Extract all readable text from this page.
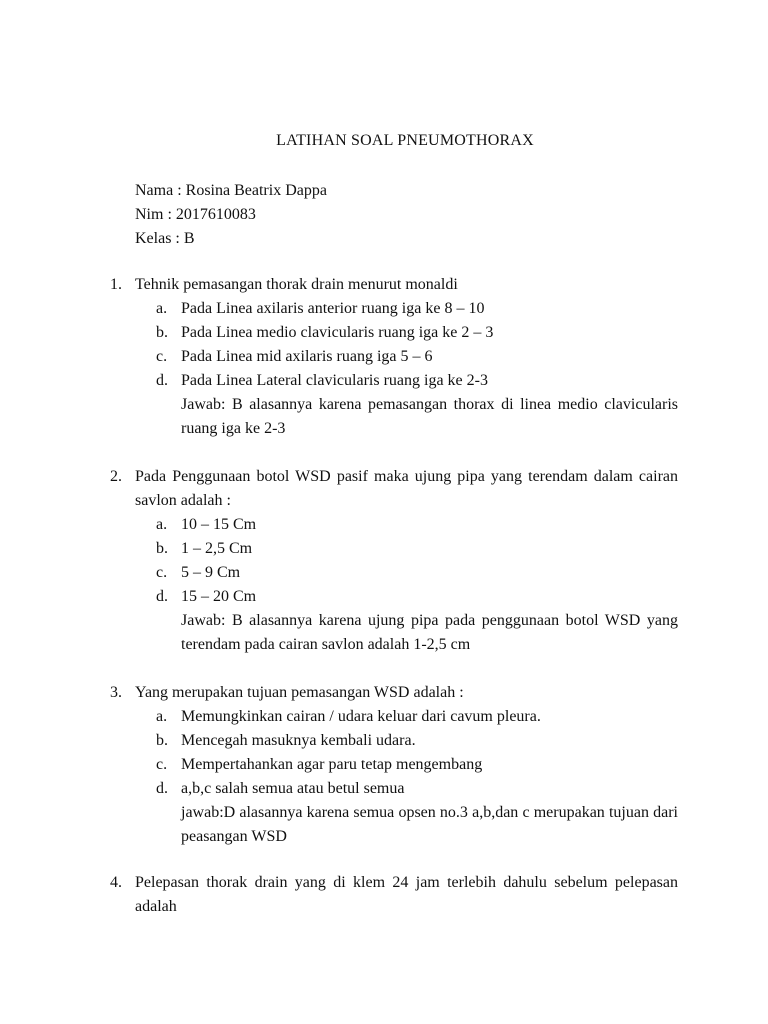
LATIHAN SOAL PNEUMOTHORAX
Nama : Rosina Beatrix Dappa
Nim : 2017610083
Kelas : B
1. Tehnik pemasangan thorak drain menurut monaldi
a. Pada Linea axilaris anterior ruang iga ke 8 – 10
b. Pada Linea medio clavicularis ruang iga ke 2 – 3
c. Pada Linea mid axilaris ruang iga 5 – 6
d. Pada Linea Lateral clavicularis ruang iga ke 2-3
Jawab: B alasannya karena pemasangan thorax di linea medio clavicularis ruang iga ke 2-3
2. Pada Penggunaan botol WSD pasif maka ujung pipa yang terendam dalam cairan savlon adalah :
a. 10 – 15 Cm
b. 1 – 2,5 Cm
c. 5 – 9 Cm
d. 15 – 20 Cm
Jawab: B alasannya karena ujung pipa pada penggunaan botol WSD yang terendam pada cairan savlon adalah 1-2,5 cm
3. Yang merupakan tujuan pemasangan WSD adalah :
a. Memungkinkan cairan / udara keluar dari cavum pleura.
b. Mencegah masuknya kembali udara.
c. Mempertahankan agar paru tetap mengembang
d. a,b,c salah semua atau betul semua
jawab:D alasannya karena semua opsen no.3 a,b,dan c merupakan tujuan dari peasangan WSD
4. Pelepasan thorak drain yang di klem 24 jam terlebih dahulu sebelum pelepasan adalah
